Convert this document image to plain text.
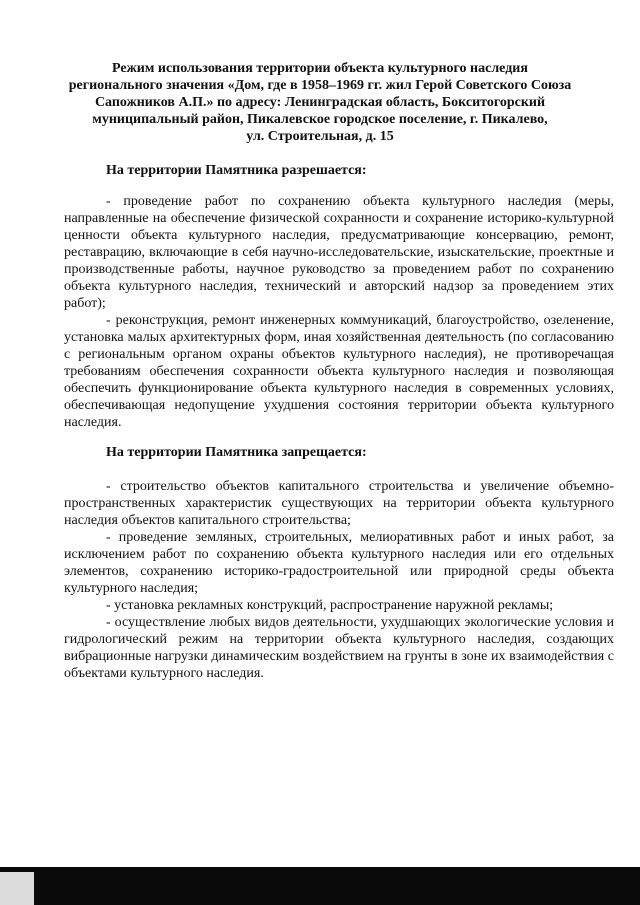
Режим использования территории объекта культурного наследия
регионального значения «Дом, где в 1958–1969 гг. жил Герой Советского Союза
Сапожников А.П.» по адресу: Ленинградская область, Бокситогорский
муниципальный район, Пикалевское городское поселение, г. Пикалево,
ул. Строительная, д. 15
На территории Памятника разрешается:

- проведение работ по сохранению объекта культурного наследия (меры, направленные на обеспечение физической сохранности и сохранение историко-культурной ценности объекта культурного наследия, предусматривающие консервацию, ремонт, реставрацию, включающие в себя научно-исследовательские, изыскательские, проектные и производственные работы, научное руководство за проведением работ по сохранению объекта культурного наследия, технический и авторский надзор за проведением этих работ);

- реконструкция, ремонт инженерных коммуникаций, благоустройство, озеленение, установка малых архитектурных форм, иная хозяйственная деятельность (по согласованию с региональным органом охраны объектов культурного наследия), не противоречащая требованиям обеспечения сохранности объекта культурного наследия и позволяющая обеспечить функционирование объекта культурного наследия в современных условиях, обеспечивающая недопущение ухудшения состояния территории объекта культурного наследия.

На территории Памятника запрещается:

- строительство объектов капитального строительства и увеличение объемно-пространственных характеристик существующих на территории объекта культурного наследия объектов капитального строительства;

- проведение земляных, строительных, мелиоративных работ и иных работ, за исключением работ по сохранению объекта культурного наследия или его отдельных элементов, сохранению историко-градостроительной или природной среды объекта культурного наследия;

- установка рекламных конструкций, распространение наружной рекламы;

- осуществление любых видов деятельности, ухудшающих экологические условия и гидрологический режим на территории объекта культурного наследия, создающих вибрационные нагрузки динамическим воздействием на грунты в зоне их взаимодействия с объектами культурного наследия.
